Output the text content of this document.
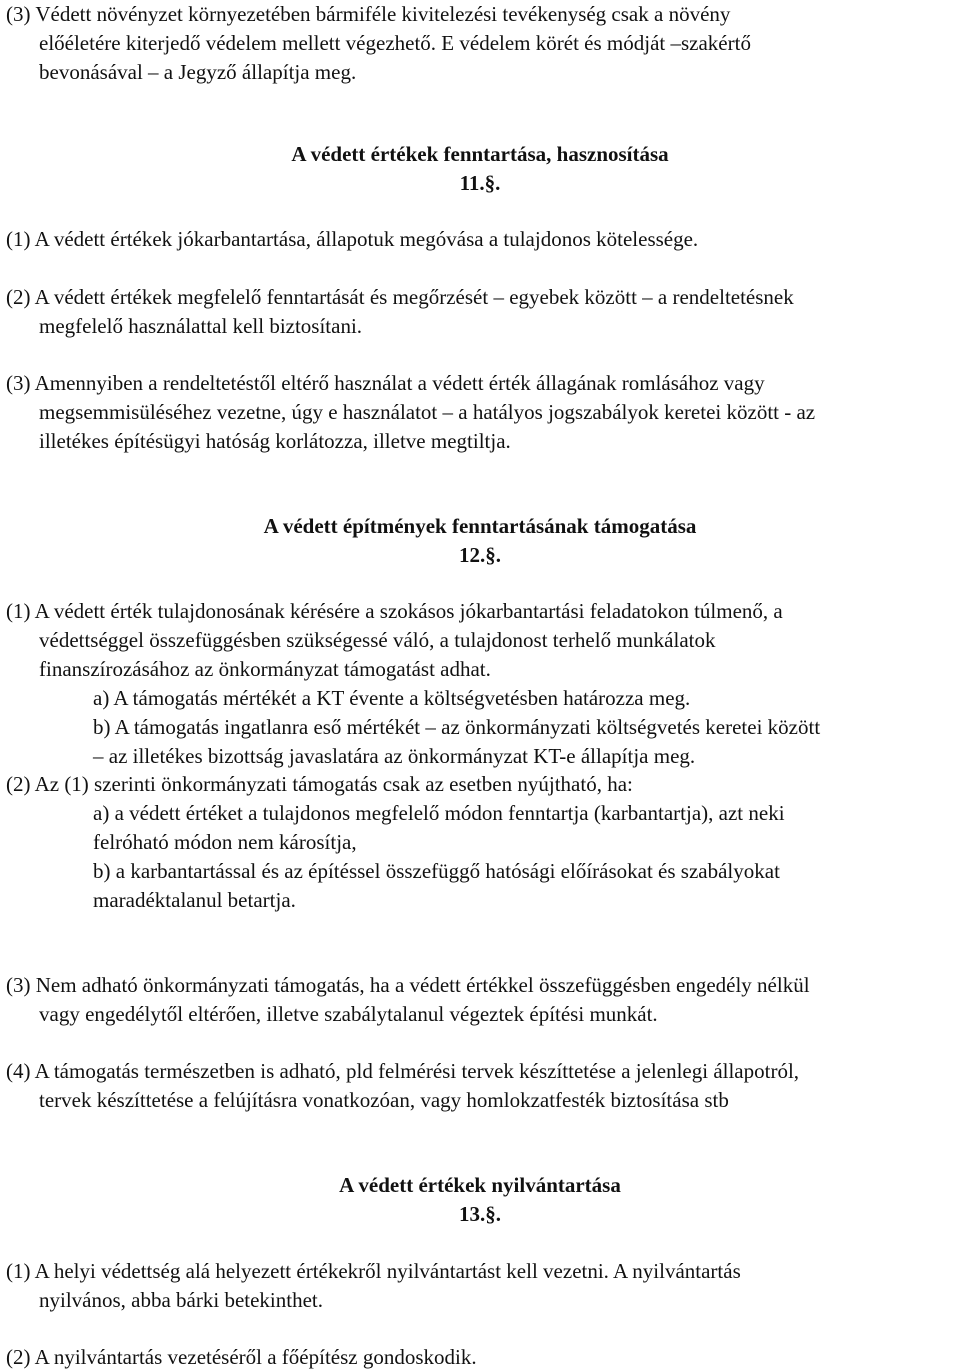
(3) Védett növényzet környezetében bármiféle kivitelezési tevékenység csak a növény
előéletére kiterjedő védelem mellett végezhető. E védelem körét és módját –szakértő
bevonásával – a Jegyző állapítja meg.
A védett értékek fenntartása, hasznosítása
11.§.
(1) A védett értékek jókarbantartása, állapotuk megóvása a tulajdonos kötelessége.
(2) A védett értékek megfelelő fenntartását és megőrzését – egyebek között – a rendeltetésnek
megfelelő használattal kell biztosítani.
(3) Amennyiben a rendeltetéstől eltérő használat a védett érték állagának romlásához vagy
megsemmisüléséhez vezetne, úgy e használatot – a hatályos jogszabályok keretei között - az
illetékes építésügyi hatóság korlátozza, illetve megtiltja.
A védett építmények fenntartásának támogatása
12.§.
(1) A védett érték tulajdonosának kérésére a szokásos jókarbantartási feladatokon túlmenő, a
védettséggel összefüggésben szükségessé váló, a tulajdonost terhelő munkálatok
finanszírozásához az önkormányzat támogatást adhat.
a) A támogatás mértékét a KT évente a költségvetésben határozza meg.
b) A támogatás ingatlanra eső mértékét – az önkormányzati költségvetés keretei között
– az illetékes bizottság javaslatára az önkormányzat KT-e állapítja meg.
(2) Az (1) szerinti önkormányzati támogatás csak az esetben nyújtható, ha:
a) a védett értéket a tulajdonos megfelelő módon fenntartja (karbantartja), azt neki
felróható módon nem károsítja,
b) a karbantartással és az építéssel összefüggő hatósági előírásokat és szabályokat
maradéktalanul betartja.
(3) Nem adható önkormányzati támogatás, ha a védett értékkel összefüggésben engedély nélkül
vagy engedélytől eltérően, illetve szabálytalanul végeztek építési munkát.
(4) A támogatás természetben is adható, pld felmérési tervek készíttetése a jelenlegi állapotról,
tervek készíttetése a felújításra vonatkozóan, vagy homlokzatfesték biztosítása stb
A védett értékek nyilvántartása
13.§.
(1) A helyi védettség alá helyezett értékekről nyilvántartást kell vezetni. A nyilvántartás
nyilvános, abba bárki betekinthet.
(2) A nyilvántartás vezetéséről a főépítész gondoskodik.
